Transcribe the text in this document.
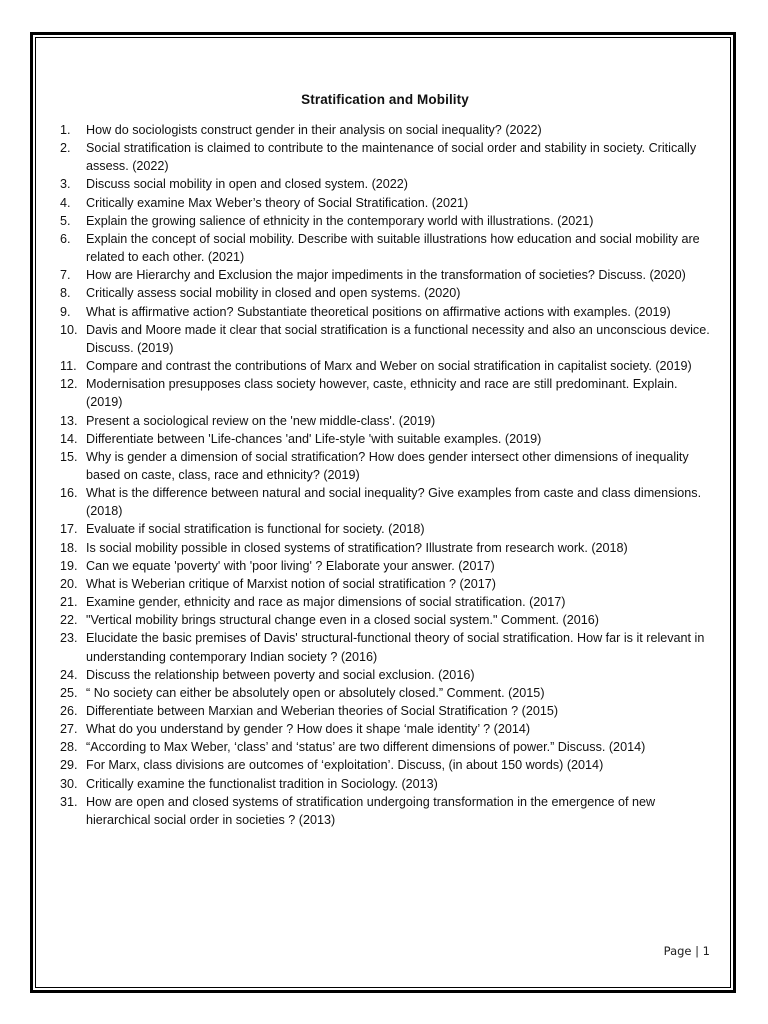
Stratification and Mobility
1. How do sociologists construct gender in their analysis on social inequality? (2022)
2. Social stratification is claimed to contribute to the maintenance of social order and stability in society. Critically assess. (2022)
3. Discuss social mobility in open and closed system. (2022)
4. Critically examine Max Weber’s theory of Social Stratification. (2021)
5. Explain the growing salience of ethnicity in the contemporary world with illustrations. (2021)
6. Explain the concept of social mobility. Describe with suitable illustrations how education and social mobility are related to each other. (2021)
7. How are Hierarchy and Exclusion the major impediments in the transformation of societies? Discuss. (2020)
8. Critically assess social mobility in closed and open systems. (2020)
9. What is affirmative action? Substantiate theoretical positions on affirmative actions with examples. (2019)
10. Davis and Moore made it clear that social stratification is a functional necessity and also an unconscious device. Discuss. (2019)
11. Compare and contrast the contributions of Marx and Weber on social stratification in capitalist society. (2019)
12. Modernisation presupposes class society however, caste, ethnicity and race are still predominant. Explain. (2019)
13. Present a sociological review on the 'new middle-class'. (2019)
14. Differentiate between 'Life-chances 'and' Life-style 'with suitable examples. (2019)
15. Why is gender a dimension of social stratification? How does gender intersect other dimensions of inequality based on caste, class, race and ethnicity? (2019)
16. What is the difference between natural and social inequality? Give examples from caste and class dimensions. (2018)
17. Evaluate if social stratification is functional for society. (2018)
18. Is social mobility possible in closed systems of stratification? Illustrate from research work. (2018)
19. Can we equate 'poverty' with 'poor living' ? Elaborate your answer. (2017)
20. What is Weberian critique of Marxist notion of social stratification ? (2017)
21. Examine gender, ethnicity and race as major dimensions of social stratification. (2017)
22. "Vertical mobility brings structural change even in a closed social system." Comment. (2016)
23. Elucidate the basic premises of Davis' structural-functional theory of social stratification. How far is it relevant in understanding contemporary Indian society ? (2016)
24. Discuss the relationship between poverty and social exclusion. (2016)
25. “ No society can either be absolutely open or absolutely closed.” Comment. (2015)
26. Differentiate between Marxian and Weberian theories of Social Stratification ? (2015)
27. What do you understand by gender ? How does it shape ‘male identity’ ? (2014)
28. “According to Max Weber, ‘class’ and ‘status’ are two different dimensions of power.” Discuss. (2014)
29. For Marx, class divisions are outcomes of ‘exploitation’. Discuss, (in about 150 words) (2014)
30. Critically examine the functionalist tradition in Sociology. (2013)
31. How are open and closed systems of stratification undergoing transformation in the emergence of new hierarchical social order in societies ? (2013)
Page | 1
